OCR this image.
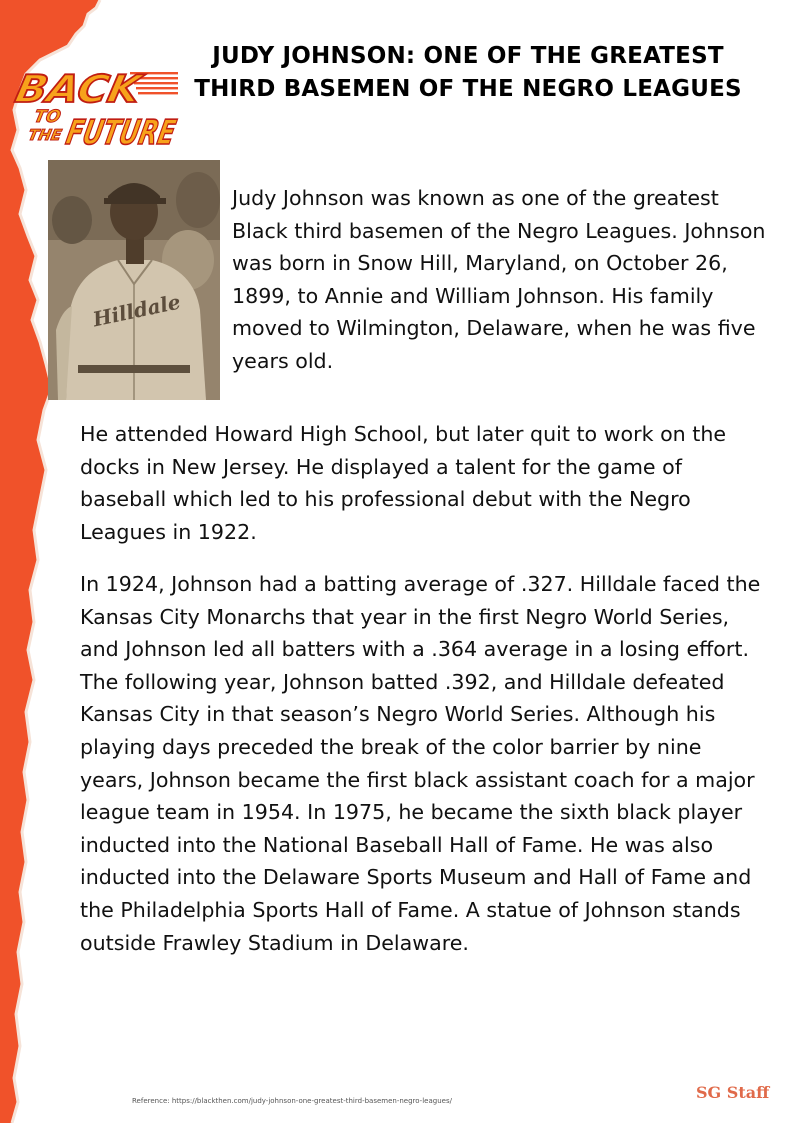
BACK
TO
THE FUTURE
JUDY JOHNSON: ONE OF THE GREATEST
THIRD BASEMEN OF THE NEGRO LEAGUES
Hilldale

Judy Johnson was known as one of the greatest Black third basemen of the Negro Leagues. Johnson was born in Snow Hill, Maryland, on October 26, 1899, to Annie and William Johnson. His family moved to Wilmington, Delaware, when he was five years old.

He attended Howard High School, but later quit to work on the docks in New Jersey. He displayed a talent for the game of baseball which led to his professional debut with the Negro Leagues in 1922.

In 1924, Johnson had a batting average of .327. Hilldale faced the Kansas City Monarchs that year in the first Negro World Series, and Johnson led all batters with a .364 average in a losing effort. The following year, Johnson batted .392, and Hilldale defeated Kansas City in that season’s Negro World Series. Although his playing days preceded the break of the color barrier by nine years, Johnson became the first black assistant coach for a major league team in 1954. In 1975, he became the sixth black player inducted into the National Baseball Hall of Fame. He was also inducted into the Delaware Sports Museum and Hall of Fame and the Philadelphia Sports Hall of Fame. A statue of Johnson stands outside Frawley Stadium in Delaware.

Reference: https://blackthen.com/judy-johnson-one-greatest-third-basemen-negro-leagues/	SG Staff
